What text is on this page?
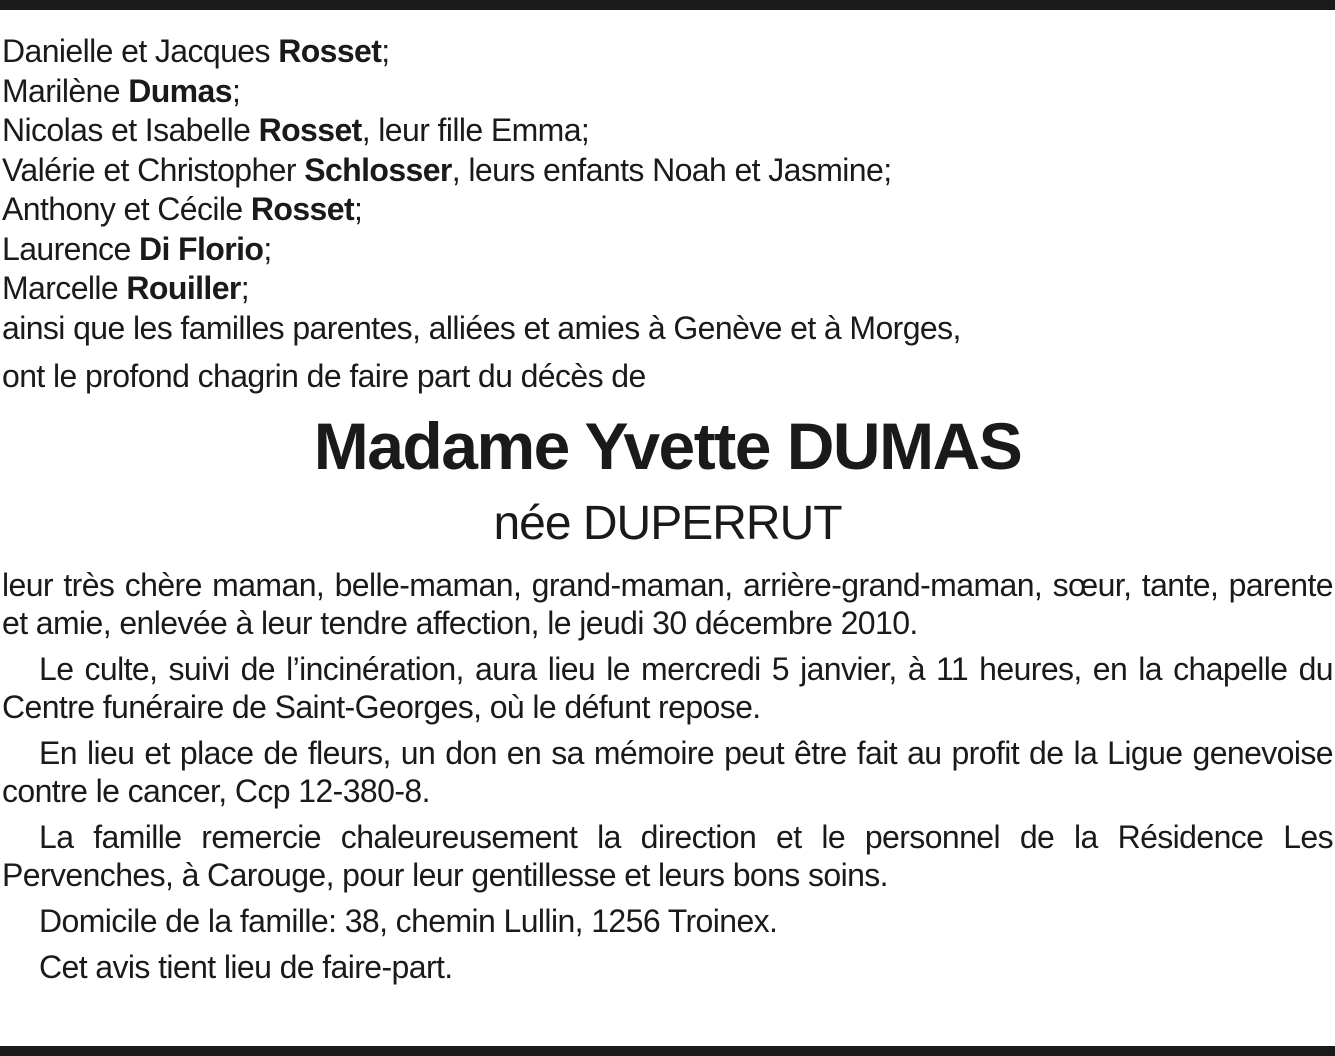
Danielle et Jacques Rosset;
Marilène Dumas;
Nicolas et Isabelle Rosset, leur fille Emma;
Valérie et Christopher Schlosser, leurs enfants Noah et Jasmine;
Anthony et Cécile Rosset;
Laurence Di Florio;
Marcelle Rouiller;
ainsi que les familles parentes, alliées et amies à Genève et à Morges,
ont le profond chagrin de faire part du décès de
Madame Yvette DUMAS
née DUPERRUT
leur très chère maman, belle-maman, grand-maman, arrière-grand-maman, sœur, tante, parente et amie, enlevée à leur tendre affection, le jeudi 30 décembre 2010.
Le culte, suivi de l’incinération, aura lieu le mercredi 5 janvier, à 11 heures, en la chapelle du Centre funéraire de Saint-Georges, où le défunt repose.
En lieu et place de fleurs, un don en sa mémoire peut être fait au profit de la Ligue genevoise contre le cancer, Ccp 12-380-8.
La famille remercie chaleureusement la direction et le personnel de la Résidence Les Pervenches, à Carouge, pour leur gentillesse et leurs bons soins.
Domicile de la famille: 38, chemin Lullin, 1256 Troinex.
Cet avis tient lieu de faire-part.
